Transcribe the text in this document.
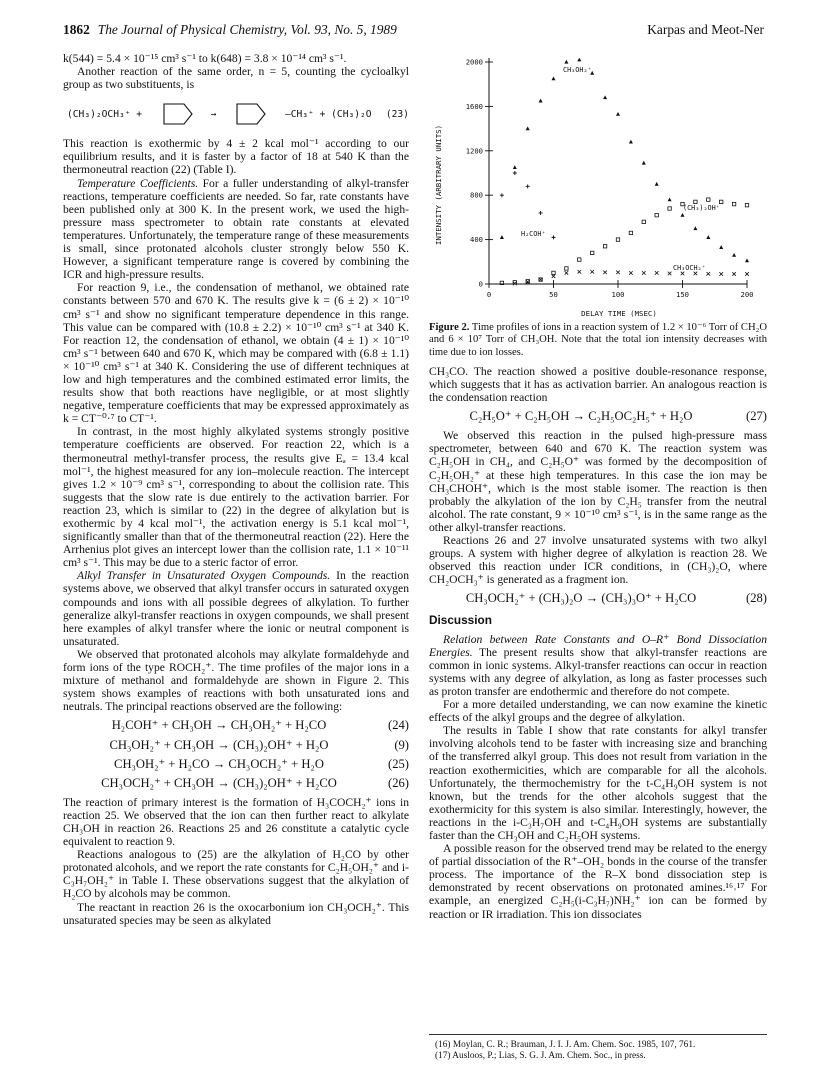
1862 The Journal of Physical Chemistry, Vol. 93, No. 5, 1989	Karpas and Meot-Ner

k(544) = 5.4 × 10⁻¹⁵ cm³ s⁻¹ to k(648) = 3.8 × 10⁻¹⁴ cm³ s⁻¹.

Another reaction of the same order, n = 5, counting the cycloalkyl group as two substituents, is

(CH₃)₂OCH₃⁺ +	→	—CH₃⁺ + (CH₃)₂O (23)

This reaction is exothermic by 4 ± 2 kcal mol⁻¹ according to our equilibrium results, and it is faster by a factor of 18 at 540 K than the thermoneutral reaction (22) (Table I).

Temperature Coefficients. For a fuller understanding of alkyl-transfer reactions, temperature coefficients are needed. So far, rate constants have been published only at 300 K. In the present work, we used the high-pressure mass spectrometer to obtain rate constants at elevated temperatures. Unfortunately, the temperature range of these measurements is small, since protonated alcohols cluster strongly below 550 K. However, a significant temperature range is covered by combining the ICR and high-pressure results.

For reaction 9, i.e., the condensation of methanol, we obtained rate constants between 570 and 670 K. The results give k = (6 ± 2) × 10⁻¹⁰ cm³ s⁻¹ and show no significant temperature dependence in this range. This value can be compared with (10.8 ± 2.2) × 10⁻¹⁰ cm³ s⁻¹ at 340 K. For reaction 12, the condensation of ethanol, we obtain (4 ± 1) × 10⁻¹⁰ cm³ s⁻¹ between 640 and 670 K, which may be compared with (6.8 ± 1.1) × 10⁻¹⁰ cm³ s⁻¹ at 340 K. Considering the use of different techniques at low and high temperatures and the combined estimated error limits, the results show that both reactions have negligible, or at most slightly negative, temperature coefficients that may be expressed approximately as k = CT⁻⁰·⁷ to CT⁻¹.

In contrast, in the most highly alkylated systems strongly positive temperature coefficients are observed. For reaction 22, which is a thermoneutral methyl-transfer process, the results give Eₐ = 13.4 kcal mol⁻¹, the highest measured for any ion–molecule reaction. The intercept gives 1.2 × 10⁻⁹ cm³ s⁻¹, corresponding to about the collision rate. This suggests that the slow rate is due entirely to the activation barrier. For reaction 23, which is similar to (22) in the degree of alkylation but is exothermic by 4 kcal mol⁻¹, the activation energy is 5.1 kcal mol⁻¹, significantly smaller than that of the thermoneutral reaction (22). Here the Arrhenius plot gives an intercept lower than the collision rate, 1.1 × 10⁻¹¹ cm³ s⁻¹. This may be due to a steric factor of error.

Alkyl Transfer in Unsaturated Oxygen Compounds. In the reaction systems above, we observed that alkyl transfer occurs in saturated oxygen compounds and ions with all possible degrees of alkylation. To further generalize alkyl-transfer reactions in oxygen compounds, we shall present here examples of alkyl transfer where the ionic or neutral component is unsaturated.

We observed that protonated alcohols may alkylate formaldehyde and form ions of the type ROCH₂⁺. The time profiles of the major ions in a mixture of methanol and formaldehyde are shown in Figure 2. This system shows examples of reactions with both unsaturated ions and neutrals. The principal reactions observed are the following:

H₂COH⁺ + CH₃OH → CH₃OH₂⁺ + H₂CO	(24)
CH₃OH₂⁺ + CH₃OH → (CH₃)₂OH⁺ + H₂O	(9)
CH₃OH₂⁺ + H₂CO → CH₃OCH₂⁺ + H₂O	(25)
CH₃OCH₂⁺ + CH₃OH → (CH₃)₂OH⁺ + H₂CO	(26)

The reaction of primary interest is the formation of H₃COCH₂⁺ ions in reaction 25. We observed that the ion can then further react to alkylate CH₃OH in reaction 26. Reactions 25 and 26 constitute a catalytic cycle equivalent to reaction 9.

Reactions analogous to (25) are the alkylation of H₂CO by other protonated alcohols, and we report the rate constants for C₂H₅OH₂⁺ and i-C₃H₇OH₂⁺ in Table I. These observations suggest that the alkylation of H₂CO by alcohols may be common.

The reactant in reaction 26 is the oxocarbonium ion CH₃OCH₂⁺. This unsaturated species may be seen as alkylated

INTENSITY (ARBITRARY UNITS)
DELAY TIME (MSEC)
CH₃OH₂⁺
(CH₃)₂OH⁺
H₂COH⁺
CH₃OCH₂⁺
0
400
800
1200
1600
2000
0	50	100	150	200

Figure 2. Time profiles of ions in a reaction system of 1.2 × 10⁻⁶ Torr of CH₂O and 6 × 10⁷ Torr of CH₃OH. Note that the total ion intensity decreases with time due to ion losses.

CH₃CO. The reaction showed a positive double-resonance response, which suggests that it has as activation barrier. An analogous reaction is the condensation reaction

C₂H₅O⁺ + C₂H₅OH → C₂H₅OC₂H₅⁺ + H₂O	(27)

We observed this reaction in the pulsed high-pressure mass spectrometer, between 640 and 670 K. The reaction system was C₂H₅OH in CH₄, and C₂H₅O⁺ was formed by the decomposition of C₂H₅OH₂⁺ at these high temperatures. In this case the ion may be CH₃CHOH⁺, which is the most stable isomer. The reaction is then probably the alkylation of the ion by C₂H₅ transfer from the neutral alcohol. The rate constant, 9 × 10⁻¹⁰ cm³ s⁻¹, is in the same range as the other alkyl-transfer reactions.

Reactions 26 and 27 involve unsaturated systems with two alkyl groups. A system with higher degree of alkylation is reaction 28. We observed this reaction under ICR conditions, in (CH₃)₂O, where CH₂OCH₃⁺ is generated as a fragment ion.

CH₃OCH₂⁺ + (CH₃)₂O → (CH₃)₃O⁺ + H₂CO	(28)
Discussion

Relation between Rate Constants and O–R⁺ Bond Dissociation Energies. The present results show that alkyl-transfer reactions are common in ionic systems. Alkyl-transfer reactions can occur in reaction systems with any degree of alkylation, as long as faster processes such as proton transfer are endothermic and therefore do not compete.

For a more detailed understanding, we can now examine the kinetic effects of the alkyl groups and the degree of alkylation.

The results in Table I show that rate constants for alkyl transfer involving alcohols tend to be faster with increasing size and branching of the transferred alkyl group. This does not result from variation in the reaction exothermicities, which are comparable for all the alcohols. Unfortunately, the thermochemistry for the t-C₄H₉OH system is not known, but the trends for the other alcohols suggest that the exothermicity for this system is also similar. Interestingly, however, the reactions in the i-C₃H₇OH and t-C₄H₉OH systems are substantially faster than the CH₃OH and C₂H₅OH systems.

A possible reason for the observed trend may be related to the energy of partial dissociation of the R⁺–OH₂ bonds in the course of the transfer process. The importance of the R–X bond dissociation step is demonstrated by recent observations on protonated amines.¹⁶˒¹⁷ For example, an energized C₂H₅(i-C₃H₇)NH₂⁺ ion can be formed by reaction or IR irradiation. This ion dissociates

(16) Moylan, C. R.; Brauman, J. I. J. Am. Chem. Soc. 1985, 107, 761.

(17) Ausloos, P.; Lias, S. G. J. Am. Chem. Soc., in press.
